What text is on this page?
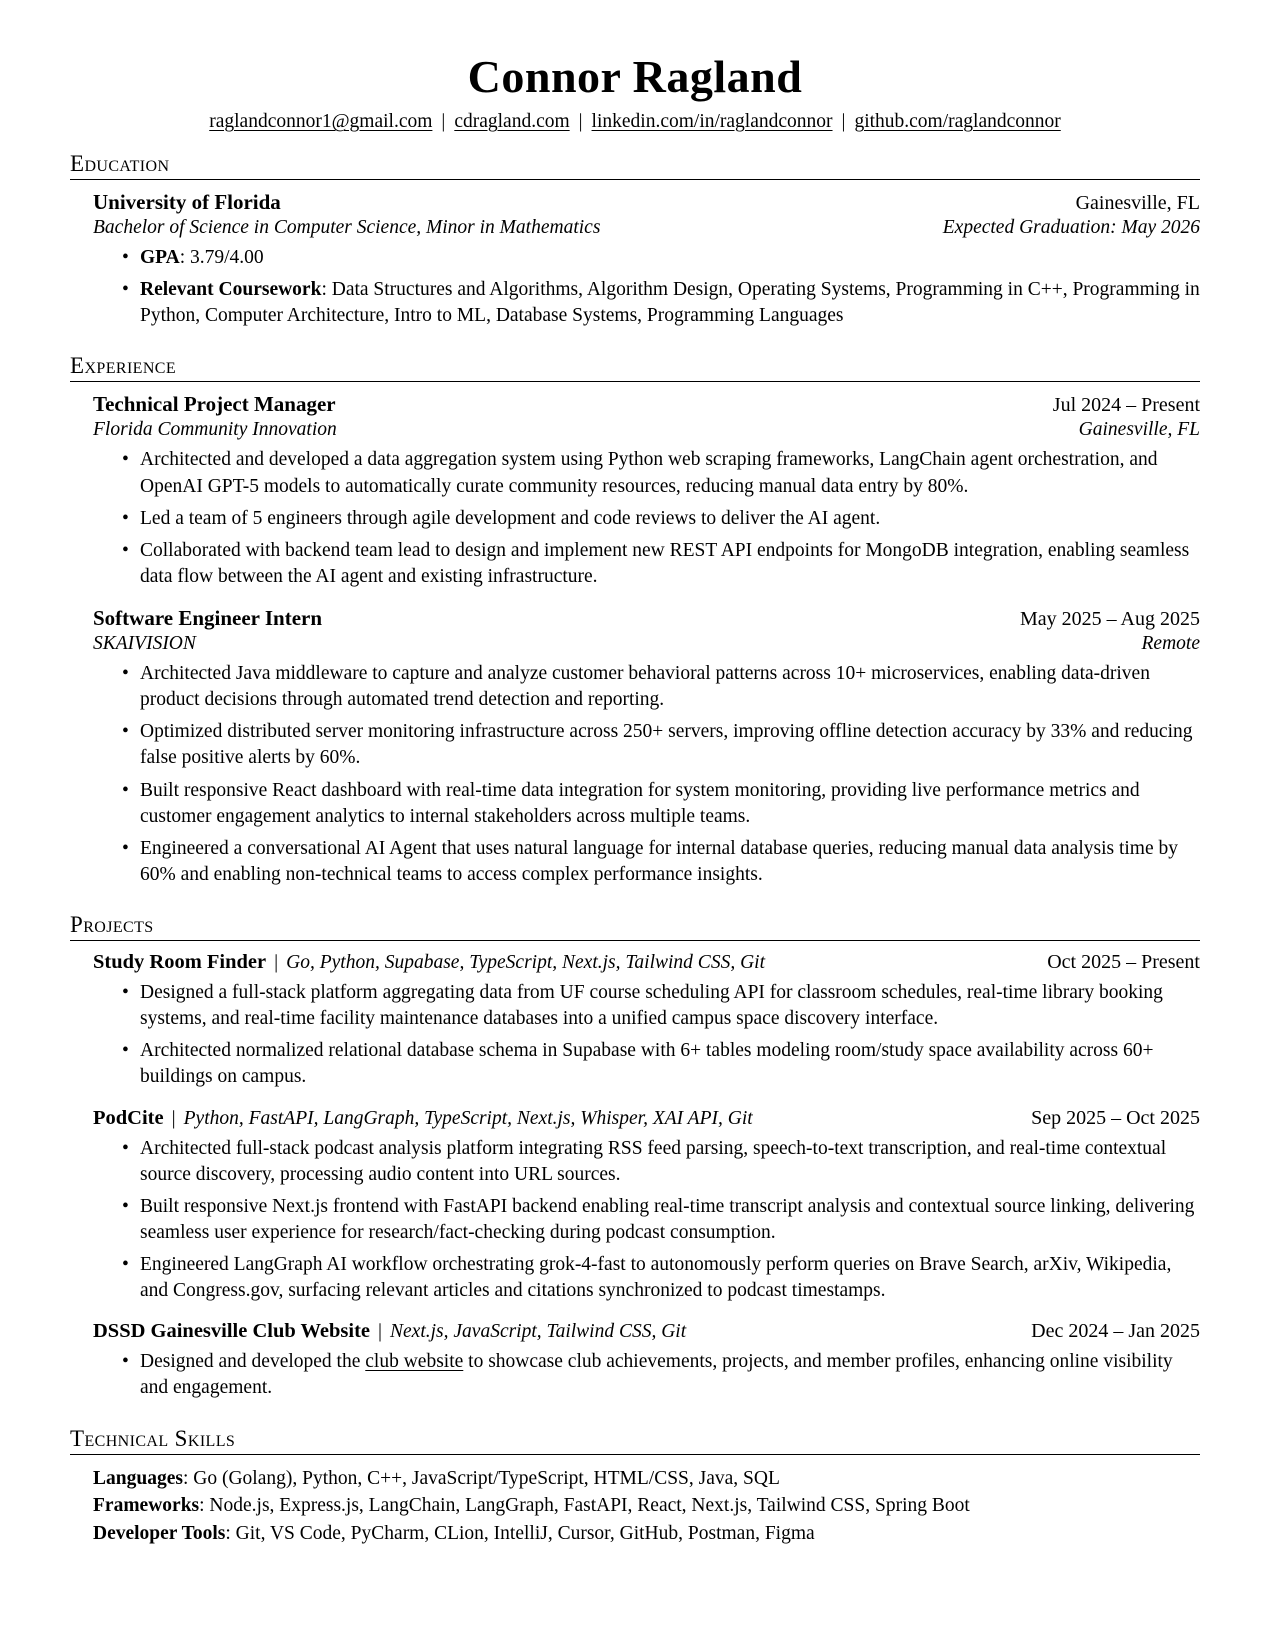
Connor Ragland
raglandconnor1@gmail.com | cdragland.com | linkedin.com/in/raglandconnor | github.com/raglandconnor
Education
University of Florida	Gainesville, FL
Bachelor of Science in Computer Science, Minor in Mathematics	Expected Graduation: May 2026
• GPA: 3.79/4.00
• Relevant Coursework: Data Structures and Algorithms, Algorithm Design, Operating Systems, Programming in C++, Programming in Python, Computer Architecture, Intro to ML, Database Systems, Programming Languages
Experience
Technical Project Manager	Jul 2024 – Present
Florida Community Innovation	Gainesville, FL
• Architected and developed a data aggregation system using Python web scraping frameworks, LangChain agent orchestration, and OpenAI GPT-5 models to automatically curate community resources, reducing manual data entry by 80%.
• Led a team of 5 engineers through agile development and code reviews to deliver the AI agent.
• Collaborated with backend team lead to design and implement new REST API endpoints for MongoDB integration, enabling seamless data flow between the AI agent and existing infrastructure.
Software Engineer Intern	May 2025 – Aug 2025
SKAIVISION	Remote
• Architected Java middleware to capture and analyze customer behavioral patterns across 10+ microservices, enabling data-driven product decisions through automated trend detection and reporting.
• Optimized distributed server monitoring infrastructure across 250+ servers, improving offline detection accuracy by 33% and reducing false positive alerts by 60%.
• Built responsive React dashboard with real-time data integration for system monitoring, providing live performance metrics and customer engagement analytics to internal stakeholders across multiple teams.
• Engineered a conversational AI Agent that uses natural language for internal database queries, reducing manual data analysis time by 60% and enabling non-technical teams to access complex performance insights.
Projects
Study Room Finder | Go, Python, Supabase, TypeScript, Next.js, Tailwind CSS, Git	Oct 2025 – Present
• Designed a full-stack platform aggregating data from UF course scheduling API for classroom schedules, real-time library booking systems, and real-time facility maintenance databases into a unified campus space discovery interface.
• Architected normalized relational database schema in Supabase with 6+ tables modeling room/study space availability across 60+ buildings on campus.
PodCite | Python, FastAPI, LangGraph, TypeScript, Next.js, Whisper, XAI API, Git	Sep 2025 – Oct 2025
• Architected full-stack podcast analysis platform integrating RSS feed parsing, speech-to-text transcription, and real-time contextual source discovery, processing audio content into URL sources.
• Built responsive Next.js frontend with FastAPI backend enabling real-time transcript analysis and contextual source linking, delivering seamless user experience for research/fact-checking during podcast consumption.
• Engineered LangGraph AI workflow orchestrating grok-4-fast to autonomously perform queries on Brave Search, arXiv, Wikipedia, and Congress.gov, surfacing relevant articles and citations synchronized to podcast timestamps.
DSSD Gainesville Club Website | Next.js, JavaScript, Tailwind CSS, Git	Dec 2024 – Jan 2025
• Designed and developed the club website to showcase club achievements, projects, and member profiles, enhancing online visibility and engagement.
Technical Skills
Languages: Go (Golang), Python, C++, JavaScript/TypeScript, HTML/CSS, Java, SQL
Frameworks: Node.js, Express.js, LangChain, LangGraph, FastAPI, React, Next.js, Tailwind CSS, Spring Boot
Developer Tools: Git, VS Code, PyCharm, CLion, IntelliJ, Cursor, GitHub, Postman, Figma
